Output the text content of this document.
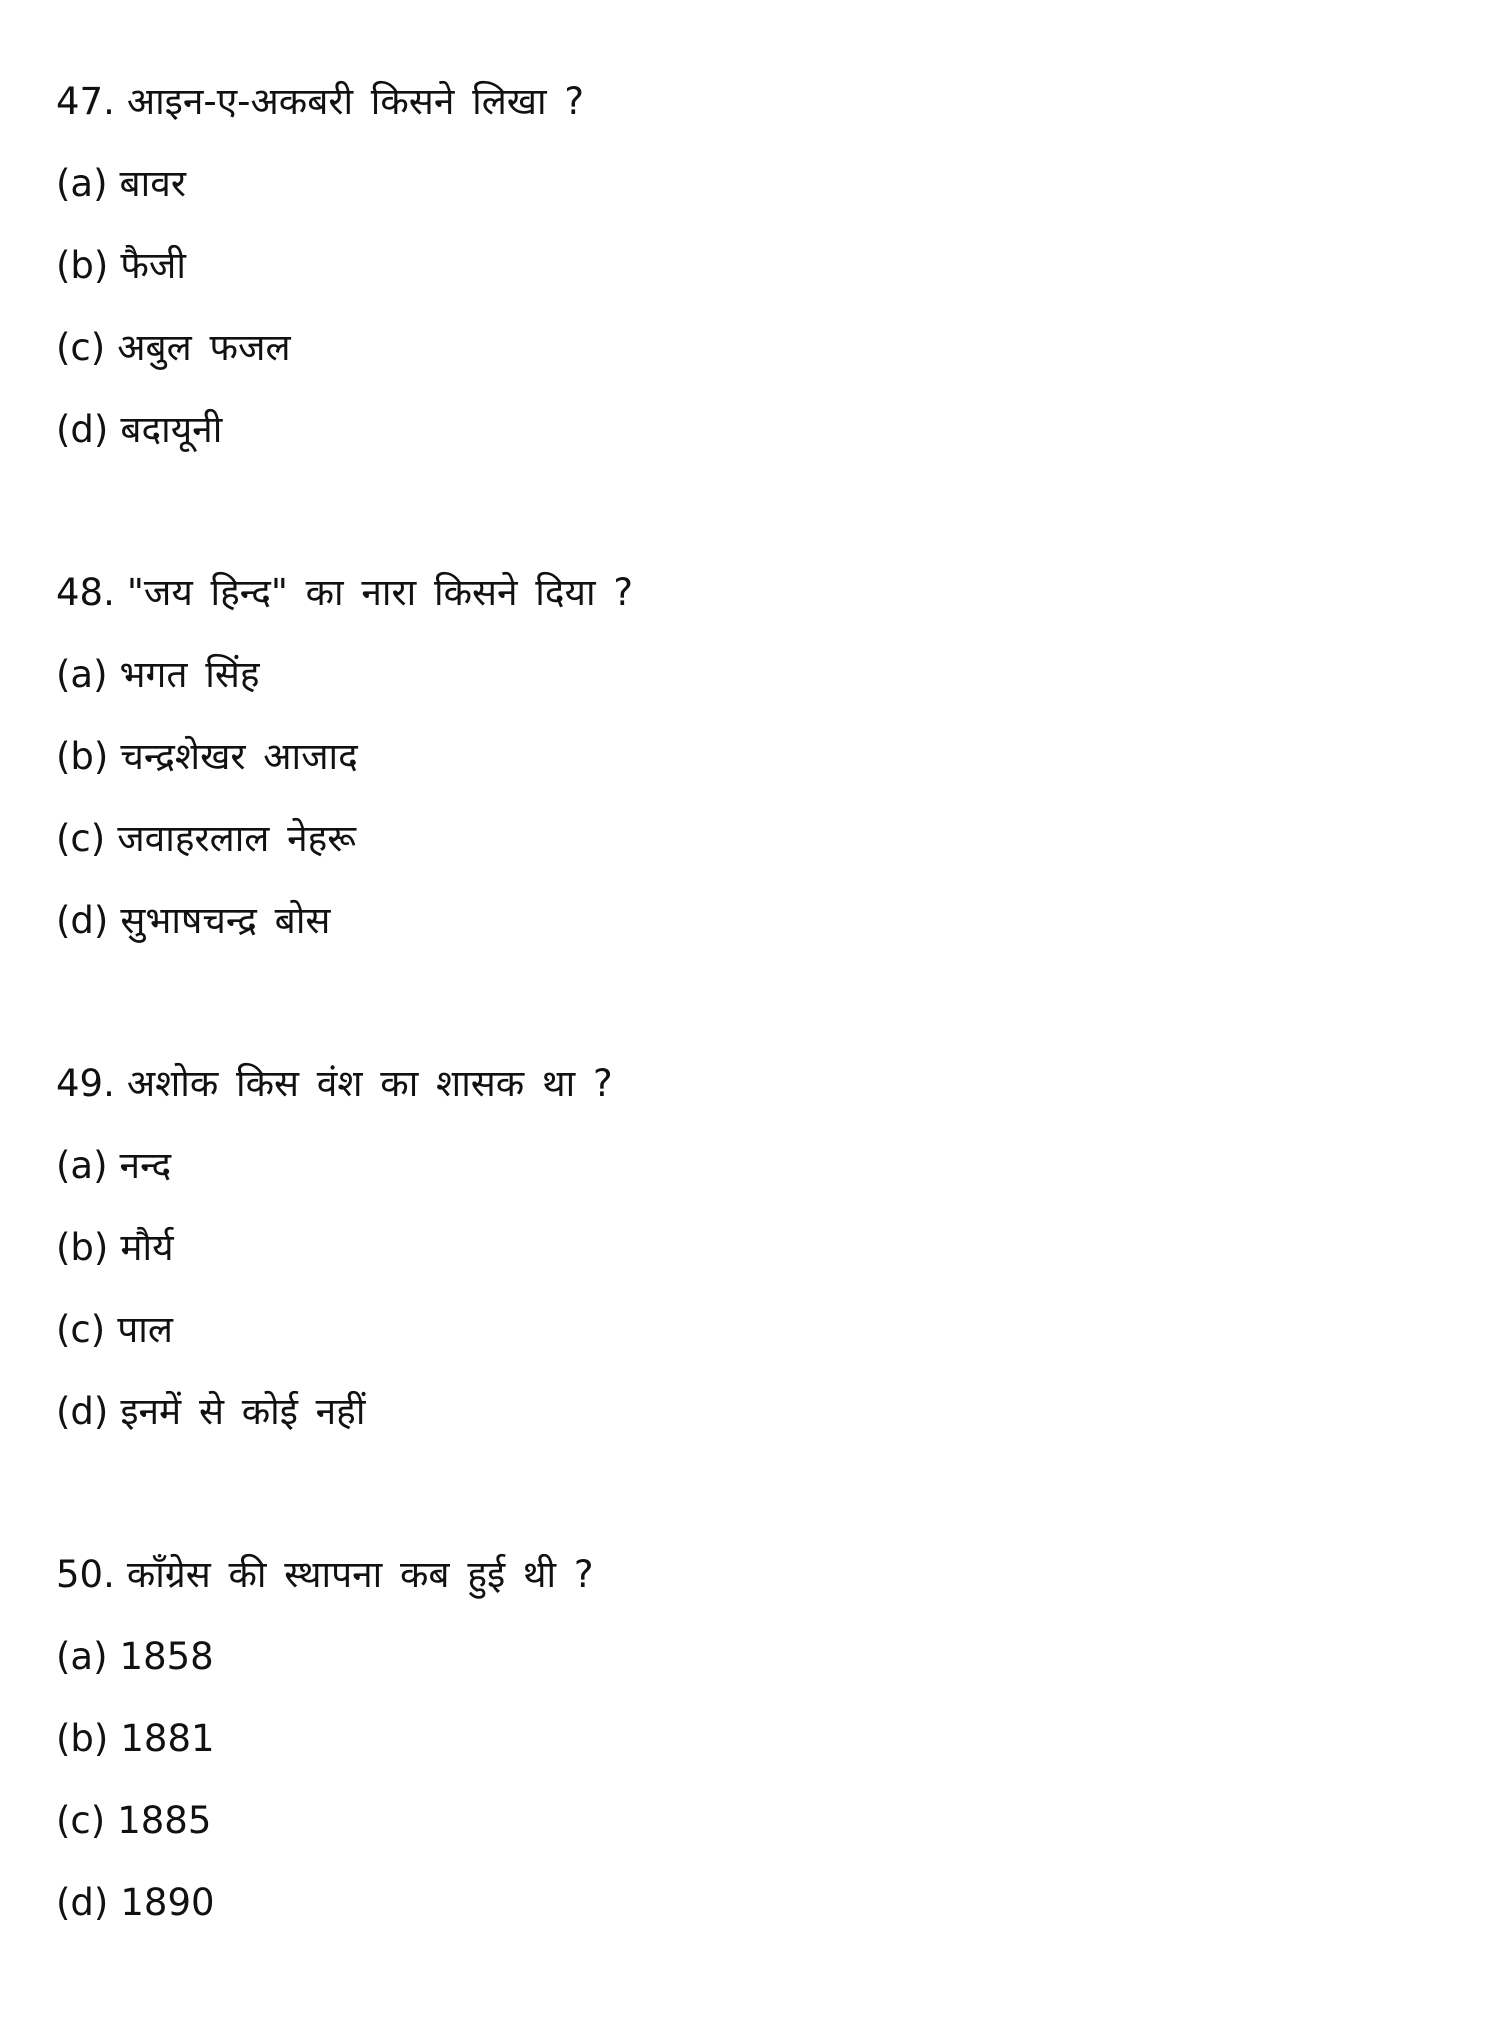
47. आइन-ए-अकबरी किसने लिखा ?
(a) बावर
(b) फैजी
(c) अबुल फजल
(d) बदायूनी
48. "जय हिन्द" का नारा किसने दिया ?
(a) भगत सिंह
(b) चन्द्रशेखर आजाद
(c) जवाहरलाल नेहरू
(d) सुभाषचन्द्र बोस
49. अशोक किस वंश का शासक था ?
(a) नन्द
(b) मौर्य
(c) पाल
(d) इनमें से कोई नहीं
50. काँग्रेस की स्थापना कब हुई थी ?
(a) 1858
(b) 1881
(c) 1885
(d) 1890
